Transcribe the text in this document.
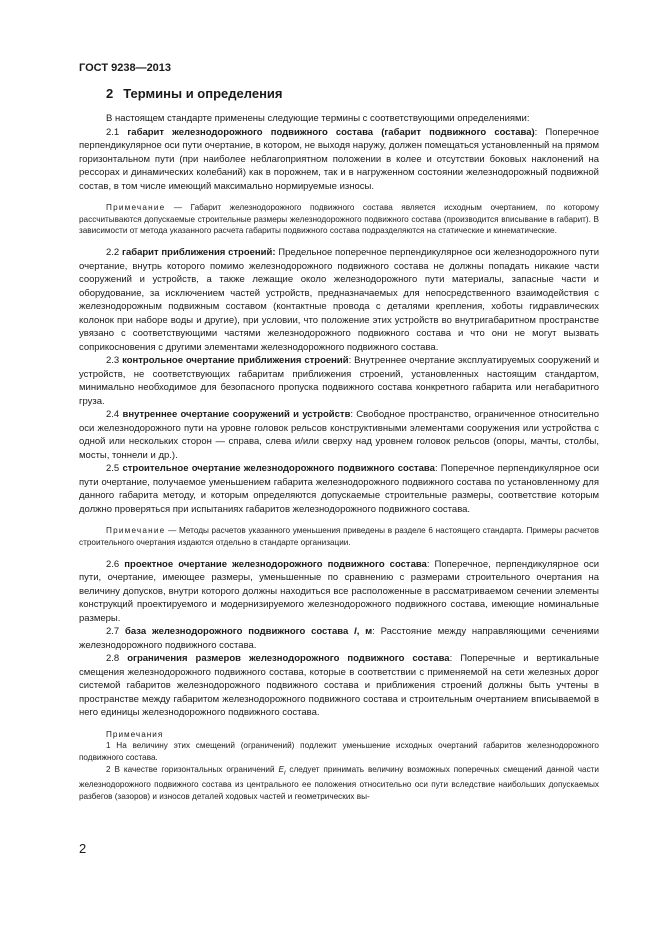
ГОСТ 9238—2013
2 Термины и определения

В настоящем стандарте применены следующие термины с соответствующими определениями:

2.1 габарит железнодорожного подвижного состава (габарит подвижного состава): Поперечное перпендикулярное оси пути очертание, в котором, не выходя наружу, должен помещаться установленный на прямом горизонтальном пути (при наиболее неблагоприятном положении в колее и отсутствии боковых наклонений на рессорах и динамических колебаний) как в порожнем, так и в нагруженном состоянии железнодорожный подвижной состав, в том числе имеющий максимально нормируемые износы.

Примечание — Габарит железнодорожного подвижного состава является исходным очертанием, по которому рассчитываются допускаемые строительные размеры железнодорожного подвижного состава (производится вписывание в габарит). В зависимости от метода указанного расчета габариты подвижного состава подразделяются на статические и кинематические.

2.2 габарит приближения строений: Предельное поперечное перпендикулярное оси железнодорожного пути очертание, внутрь которого помимо железнодорожного подвижного состава не должны попадать никакие части сооружений и устройств, а также лежащие около железнодорожного пути материалы, запасные части и оборудование, за исключением частей устройств, предназначаемых для непосредственного взаимодействия с железнодорожным подвижным составом (контактные провода с деталями крепления, хоботы гидравлических колонок при наборе воды и другие), при условии, что положение этих устройств во внутригабаритном пространстве увязано с соответствующими частями железнодорожного подвижного состава и что они не могут вызвать соприкосновения с другими элементами железнодорожного подвижного состава.

2.3 контрольное очертание приближения строений: Внутреннее очертание эксплуатируемых сооружений и устройств, не соответствующих габаритам приближения строений, установленных настоящим стандартом, минимально необходимое для безопасного пропуска подвижного состава конкретного габарита или негабаритного груза.

2.4 внутреннее очертание сооружений и устройств: Свободное пространство, ограниченное относительно оси железнодорожного пути на уровне головок рельсов конструктивными элементами сооружения или устройства с одной или нескольких сторон — справа, слева и/или сверху над уровнем головок рельсов (опоры, мачты, столбы, мосты, тоннели и др.).

2.5 строительное очертание железнодорожного подвижного состава: Поперечное перпендикулярное оси пути очертание, получаемое уменьшением габарита железнодорожного подвижного состава по установленному для данного габарита методу, и которым определяются допускаемые строительные размеры, соответствие которым должно проверяться при испытаниях габаритов железнодорожного подвижного состава.

Примечание — Методы расчетов указанного уменьшения приведены в разделе 6 настоящего стандарта. Примеры расчетов строительного очертания издаются отдельно в стандарте организации.

2.6 проектное очертание железнодорожного подвижного состава: Поперечное, перпендикулярное оси пути, очертание, имеющее размеры, уменьшенные по сравнению с размерами строительного очертания на величину допусков, внутри которого должны находиться все расположенные в рассматриваемом сечении элементы конструкций проектируемого и модернизируемого железнодорожного подвижного состава, имеющие номинальные размеры.

2.7 база железнодорожного подвижного состава l, м: Расстояние между направляющими сечениями железнодорожного подвижного состава.

2.8 ограничения размеров железнодорожного подвижного состава: Поперечные и вертикальные смещения железнодорожного подвижного состава, которые в соответствии с применяемой на сети железных дорог системой габаритов железнодорожного подвижного состава и приближения строений должны быть учтены в пространстве между габаритом железнодорожного подвижного состава и строительным очертанием вписываемой в него единицы железнодорожного подвижного состава.

Примечания

1 На величину этих смещений (ограничений) подлежит уменьшение исходных очертаний габаритов железнодорожного подвижного состава.

2 В качестве горизонтальных ограничений $E_i$ следует принимать величину возможных поперечных смещений данной части железнодорожного подвижного состава из центрального ее положения относительно оси пути вследствие наибольших допускаемых разбегов (зазоров) и износов деталей ходовых частей и геометрических вы-

2
